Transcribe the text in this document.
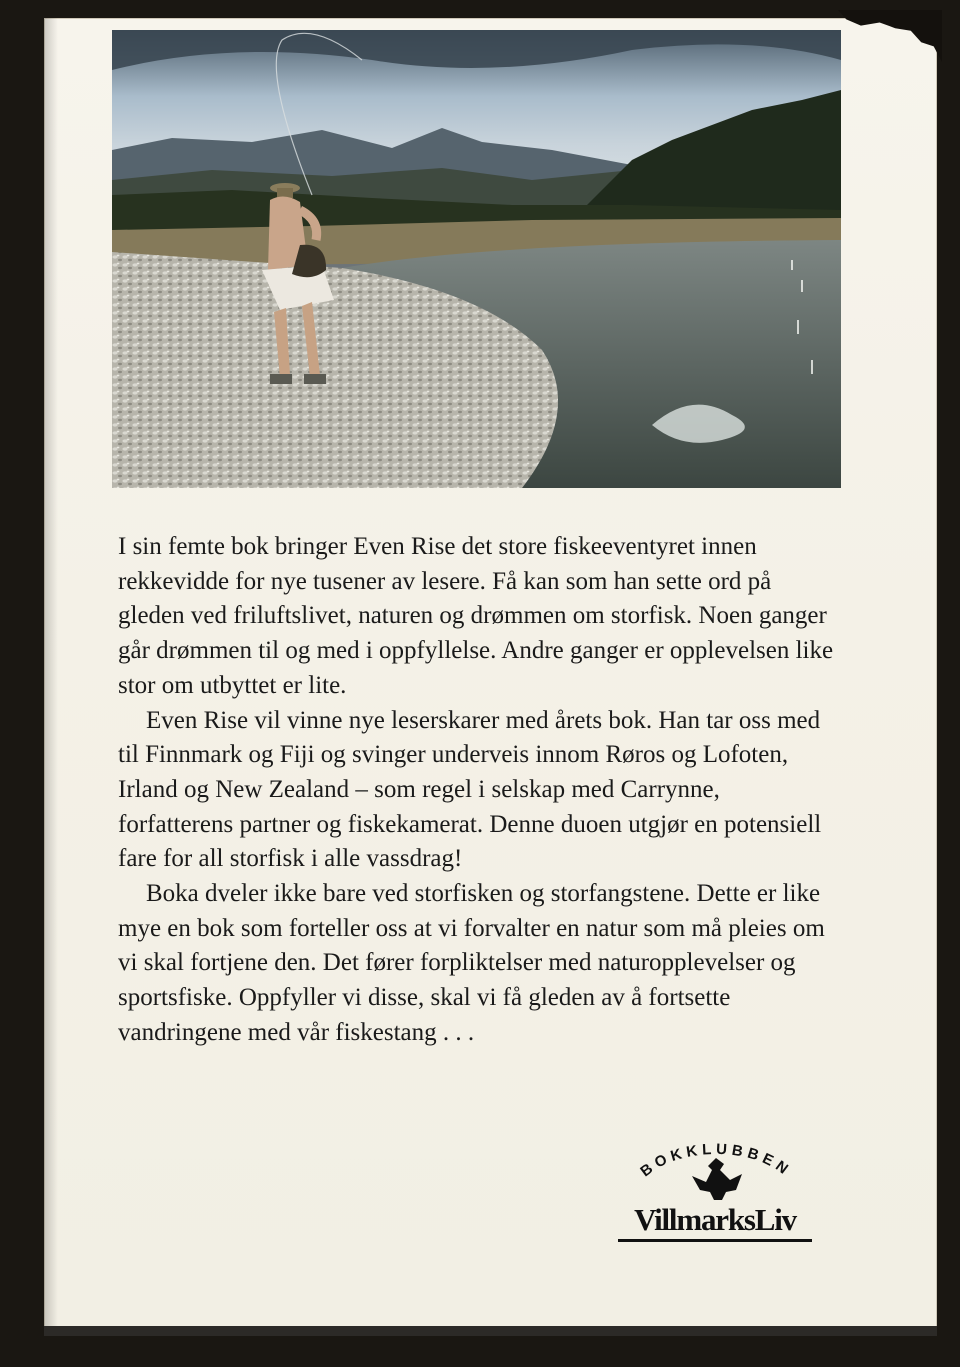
I sin femte bok bringer Even Rise det store fiskeeventyret innen rekkevidde for nye tusener av lesere. Få kan som han sette ord på gleden ved friluftslivet, naturen og drømmen om storfisk. Noen ganger går drømmen til og med i oppfyllelse. Andre ganger er opplevelsen like stor om utbyttet er lite.

Even Rise vil vinne nye leserskarer med årets bok. Han tar oss med til Finnmark og Fiji og svinger underveis innom Røros og Lofoten, Irland og New Zealand – som regel i selskap med Carrynne, forfatterens partner og fiskekamerat. Denne duoen utgjør en potensiell fare for all storfisk i alle vassdrag!

Boka dveler ikke bare ved storfisken og storfangstene. Dette er like mye en bok som forteller oss at vi forvalter en natur som må pleies om vi skal fortjene den. Det fører forpliktelser med naturopplevelser og sportsfiske. Oppfyller vi disse, skal vi få gleden av å fortsette vandringene med vår fiskestang . . .

BOKKLUBBEN
VillmarksLiv
